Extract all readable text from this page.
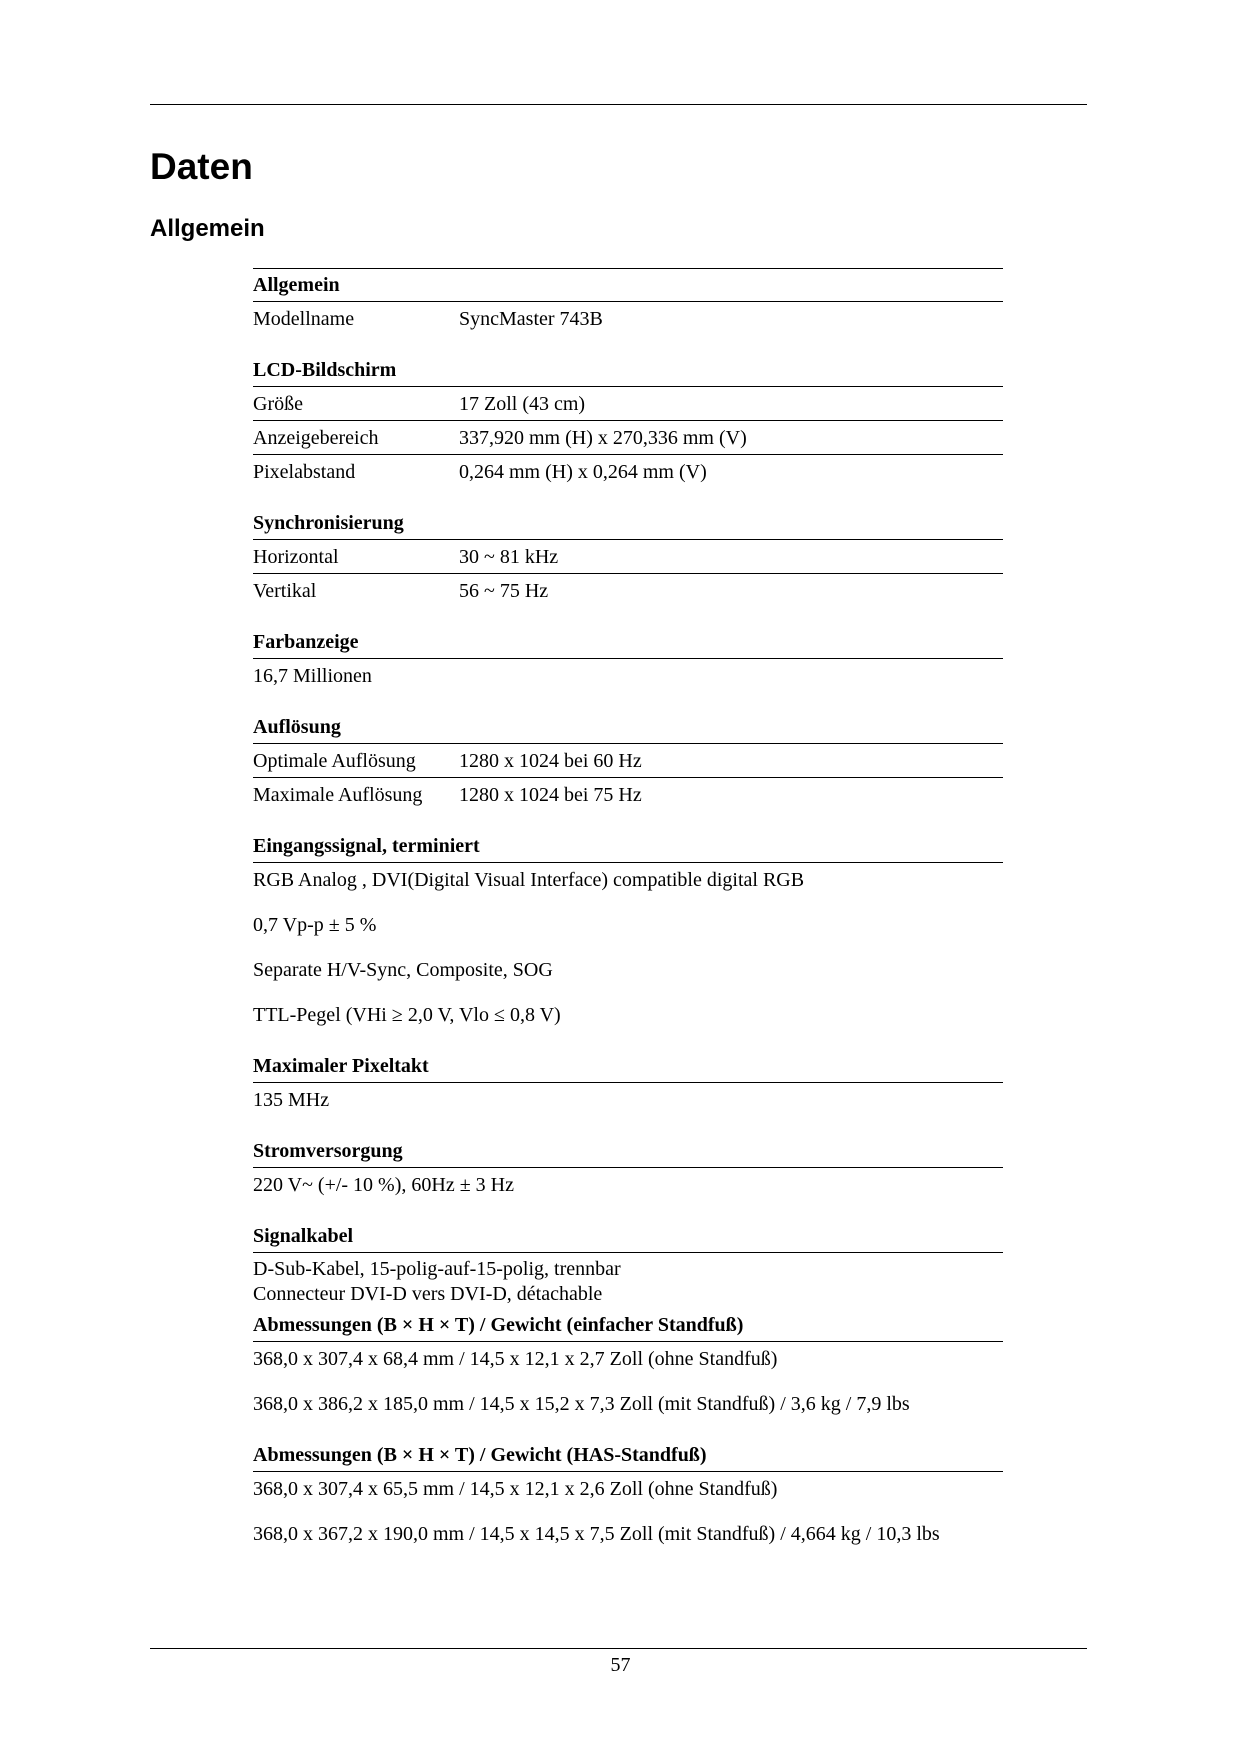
Daten
Allgemein
Allgemein
Modellname	SyncMaster 743B
LCD-Bildschirm
Größe	17 Zoll (43 cm)
Anzeigebereich	337,920 mm (H) x 270,336 mm (V)
Pixelabstand	0,264 mm (H) x 0,264 mm (V)
Synchronisierung
Horizontal	30 ~ 81 kHz
Vertikal	56 ~ 75 Hz
Farbanzeige
16,7 Millionen
Auflösung
Optimale Auflösung	1280 x 1024 bei 60 Hz
Maximale Auflösung	1280 x 1024 bei 75 Hz
Eingangssignal, terminiert
RGB Analog , DVI(Digital Visual Interface) compatible digital RGB
0,7 Vp-p ± 5 %
Separate H/V-Sync, Composite, SOG
TTL-Pegel (VHi ≥ 2,0 V, Vlo ≤ 0,8 V)
Maximaler Pixeltakt
135 MHz
Stromversorgung
220 V~ (+/- 10 %), 60Hz ± 3 Hz
Signalkabel
D-Sub-Kabel, 15-polig-auf-15-polig, trennbar
Connecteur DVI-D vers DVI-D, détachable
Abmessungen (B × H × T) / Gewicht (einfacher Standfuß)
368,0 x 307,4 x 68,4 mm / 14,5 x 12,1 x 2,7 Zoll (ohne Standfuß)
368,0 x 386,2 x 185,0 mm / 14,5 x 15,2 x 7,3 Zoll (mit Standfuß) / 3,6 kg / 7,9 lbs
Abmessungen (B × H × T) / Gewicht (HAS-Standfuß)
368,0 x 307,4 x 65,5 mm / 14,5 x 12,1 x 2,6 Zoll (ohne Standfuß)
368,0 x 367,2 x 190,0 mm / 14,5 x 14,5 x 7,5 Zoll (mit Standfuß) / 4,664 kg / 10,3 lbs
57
